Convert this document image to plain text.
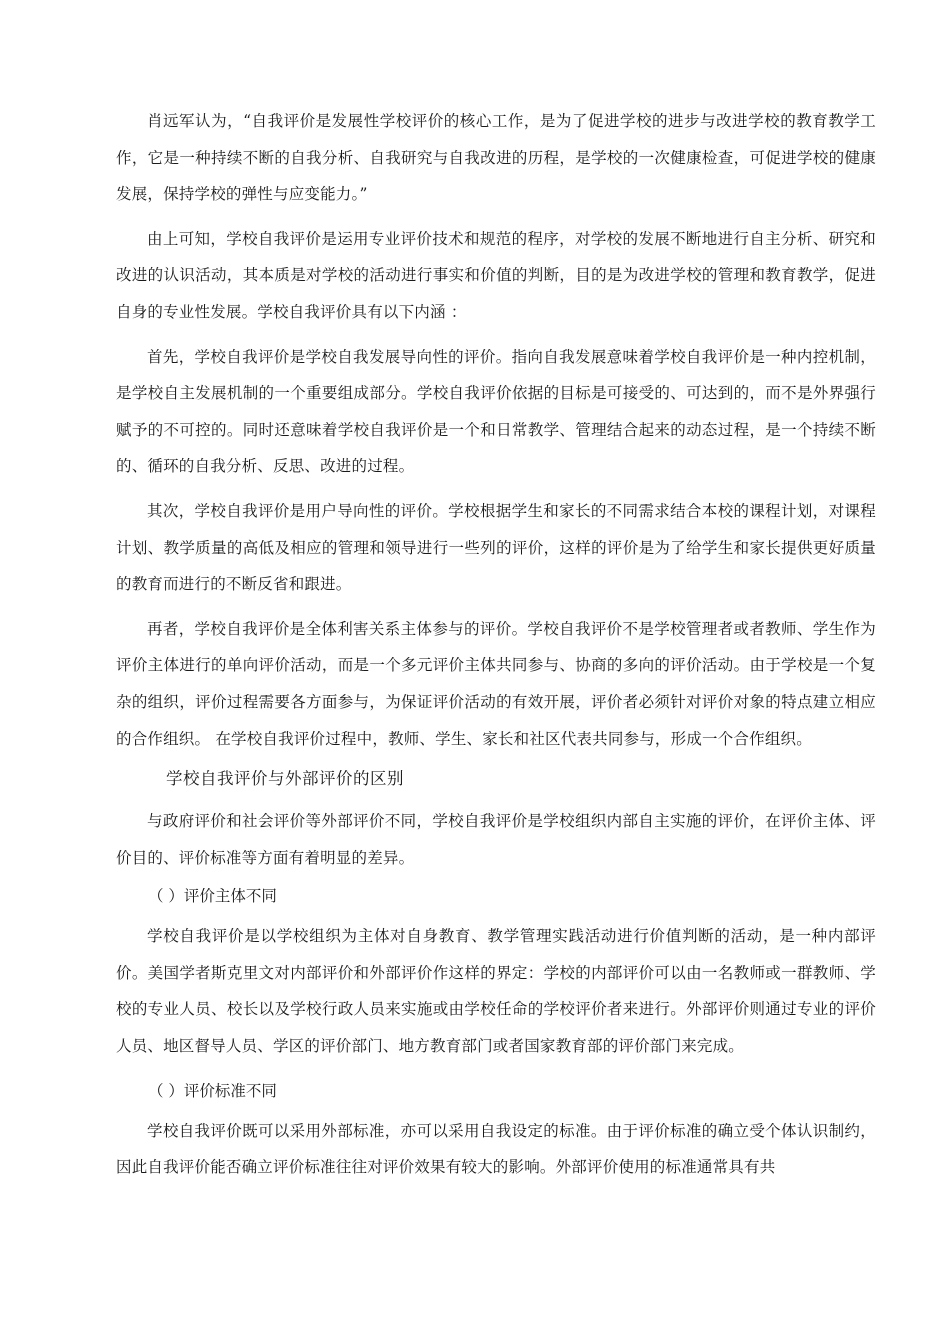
肖远军认为，“自我评价是发展性学校评价的核心工作，是为了促进学校的进步与改进学校的教育教学工作，它是一种持续不断的自我分析、自我研究与自我改进的历程，是学校的一次健康检查，可促进学校的健康发展，保持学校的弹性与应变能力。”

由上可知，学校自我评价是运用专业评价技术和规范的程序，对学校的发展不断地进行自主分析、研究和改进的认识活动，其本质是对学校的活动进行事实和价值的判断，目的是为改进学校的管理和教育教学，促进自身的专业性发展。学校自我评价具有以下内涵 ：

首先，学校自我评价是学校自我发展导向性的评价。指向自我发展意味着学校自我评价是一种内控机制，是学校自主发展机制的一个重要组成部分。学校自我评价依据的目标是可接受的、可达到的，而不是外界强行赋予的不可控的。同时还意味着学校自我评价是一个和日常教学、管理结合起来的动态过程，是一个持续不断的、循环的自我分析、反思、改进的过程。

其次，学校自我评价是用户导向性的评价。学校根据学生和家长的不同需求结合本校的课程计划，对课程计划、教学质量的高低及相应的管理和领导进行一些列的评价，这样的评价是为了给学生和家长提供更好质量的教育而进行的不断反省和跟进。

再者，学校自我评价是全体利害关系主体参与的评价。学校自我评价不是学校管理者或者教师、学生作为评价主体进行的单向评价活动，而是一个多元评价主体共同参与、协商的多向的评价活动。由于学校是一个复杂的组织，评价过程需要各方面参与，为保证评价活动的有效开展，评价者必须针对评价对象的特点建立相应的合作组织。 在学校自我评价过程中，教师、学生、家长和社区代表共同参与，形成一个合作组织。

学校自我评价与外部评价的区别

与政府评价和社会评价等外部评价不同，学校自我评价是学校组织内部自主实施的评价，在评价主体、评价目的、评价标准等方面有着明显的差异。

（ ）评价主体不同

学校自我评价是以学校组织为主体对自身教育、教学管理实践活动进行价值判断的活动，是一种内部评价。美国学者斯克里文对内部评价和外部评价作这样的界定：学校的内部评价可以由一名教师或一群教师、学校的专业人员、校长以及学校行政人员来实施或由学校任命的学校评价者来进行。外部评价则通过专业的评价人员、地区督导人员、学区的评价部门、地方教育部门或者国家教育部的评价部门来完成。

（ ）评价标准不同

学校自我评价既可以采用外部标准，亦可以采用自我设定的标准。由于评价标准的确立受个体认识制约，因此自我评价能否确立评价标准往往对评价效果有较大的影响。外部评价使用的标准通常具有共
